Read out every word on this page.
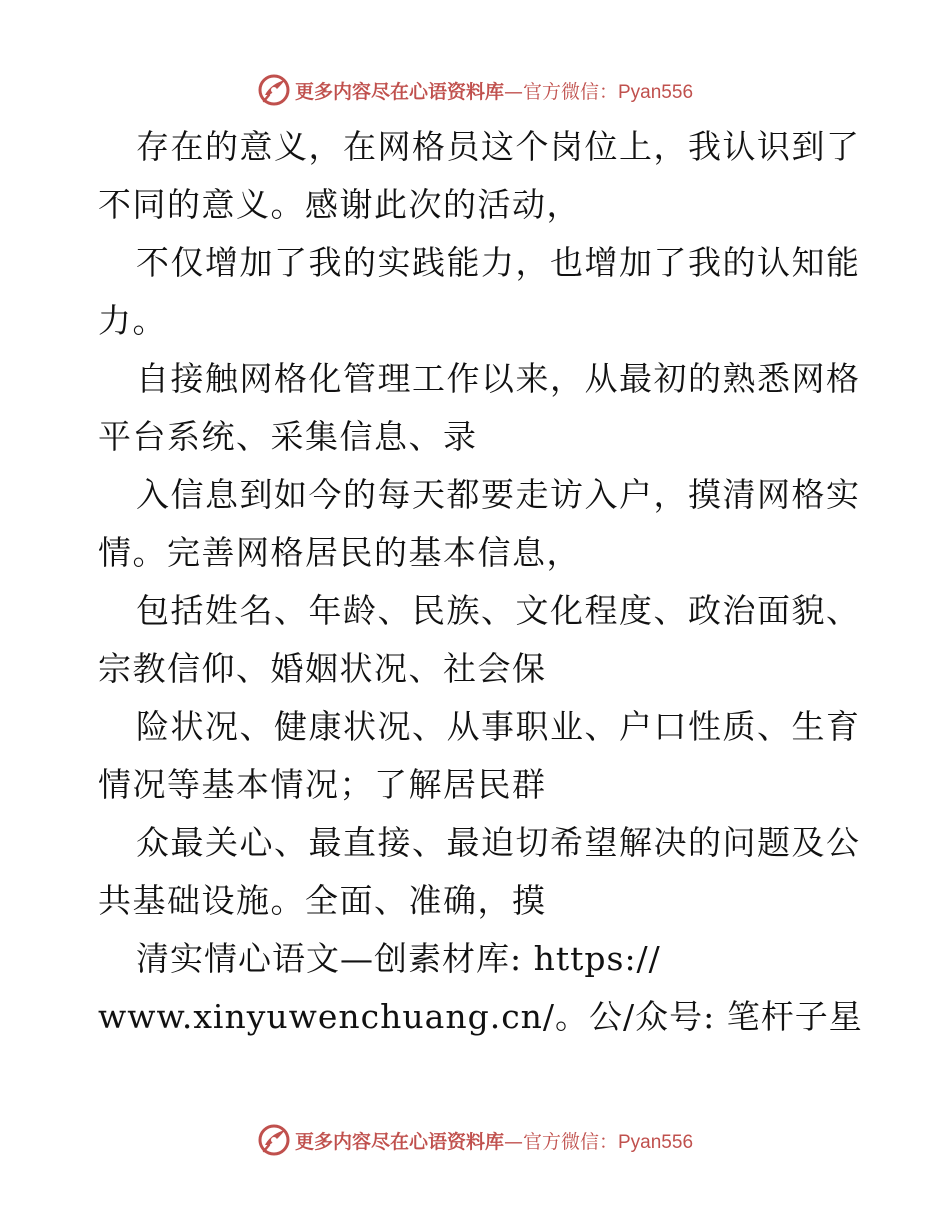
更多内容尽在心语资料库—官方微信：Pyan556
存在的意义，在网格员这个岗位上，我认识到了
不同的意义。感谢此次的活动，
不仅增加了我的实践能力，也增加了我的认知能
力。
自接触网格化管理工作以来，从最初的熟悉网格
平台系统、采集信息、录
入信息到如今的每天都要走访入户，摸清网格实
情。完善网格居民的基本信息，
包括姓名、年龄、民族、文化程度、政治面貌、
宗教信仰、婚姻状况、社会保
险状况、健康状况、从事职业、户口性质、生育
情况等基本情况；了解居民群
众最关心、最直接、最迫切希望解决的问题及公
共基础设施。全面、准确，摸
清实情心语文—创素材库: https://
www.xinyuwenchuang.cn/。公/众号: 笔杆子星
更多内容尽在心语资料库—官方微信：Pyan556
